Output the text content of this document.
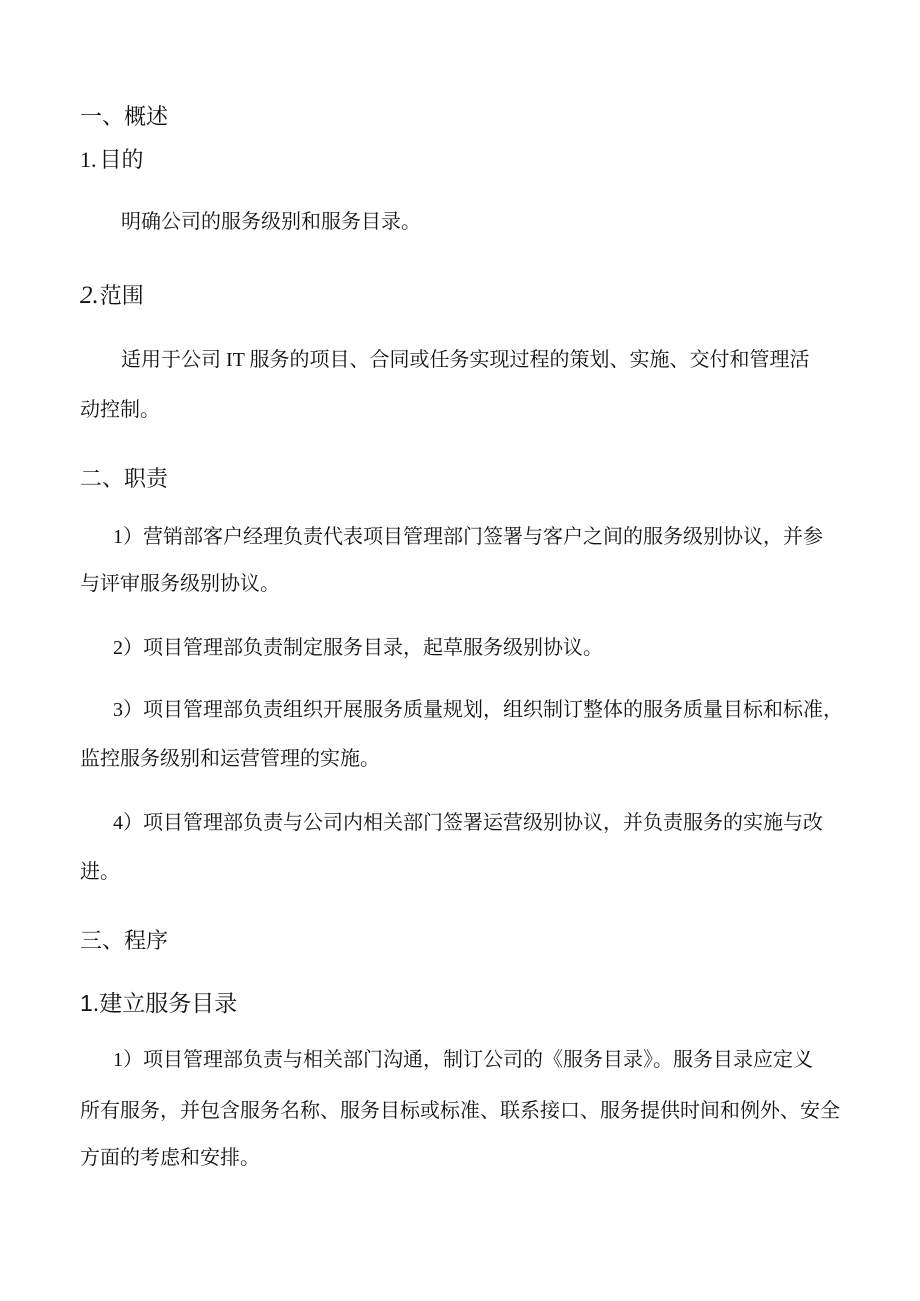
一、概述
1. 目的
明确公司的服务级别和服务目录。
2.范围
适用于公司 IT 服务的项目、合同或任务实现过程的策划、实施、交付和管理活
动控制。
二、职责
1）营销部客户经理负责代表项目管理部门签署与客户之间的服务级别协议，并参
与评审服务级别协议。
2）项目管理部负责制定服务目录，起草服务级别协议。
3）项目管理部负责组织开展服务质量规划，组织制订整体的服务质量目标和标准，
监控服务级别和运营管理的实施。
4）项目管理部负责与公司内相关部门签署运营级别协议，并负责服务的实施与改
进。
三、程序
1.建立服务目录
1）项目管理部负责与相关部门沟通，制订公司的《服务目录》。服务目录应定义
所有服务，并包含服务名称、服务目标或标准、联系接口、服务提供时间和例外、安全
方面的考虑和安排。
